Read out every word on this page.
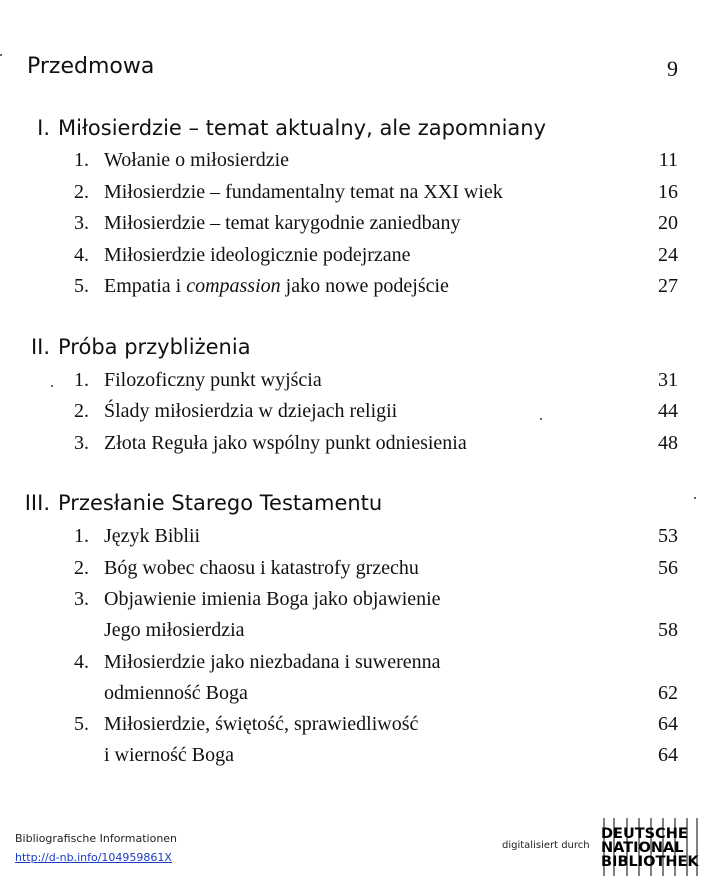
Przedmowa	9
I. Miłosierdzie – temat aktualny, ale zapomniany
1. Wołanie o miłosierdzie	11
2. Miłosierdzie – fundamentalny temat na XXI wiek	16
3. Miłosierdzie – temat karygodnie zaniedbany	20
4. Miłosierdzie ideologicznie podejrzane	24
5. Empatia i compassion jako nowe podejście	27
II. Próba przybliżenia
1. Filozoficzny punkt wyjścia	31
2. Ślady miłosierdzia w dziejach religii	44
3. Złota Reguła jako wspólny punkt odniesienia	48
III. Przesłanie Starego Testamentu
1. Język Biblii	53
2. Bóg wobec chaosu i katastrofy grzechu	56
3. Objawienie imienia Boga jako objawienie
Jego miłosierdzia	58
4. Miłosierdzie jako niezbadana i suwerenna
odmienność Boga	62
5. Miłosierdzie, świętość, sprawiedliwość	64
i wierność Boga	64
Bibliografische Informationen
http://d-nb.info/104959861X
digitalisiert durch
DEUTSCHE
NATIONAL
BIBLIOTHEK
